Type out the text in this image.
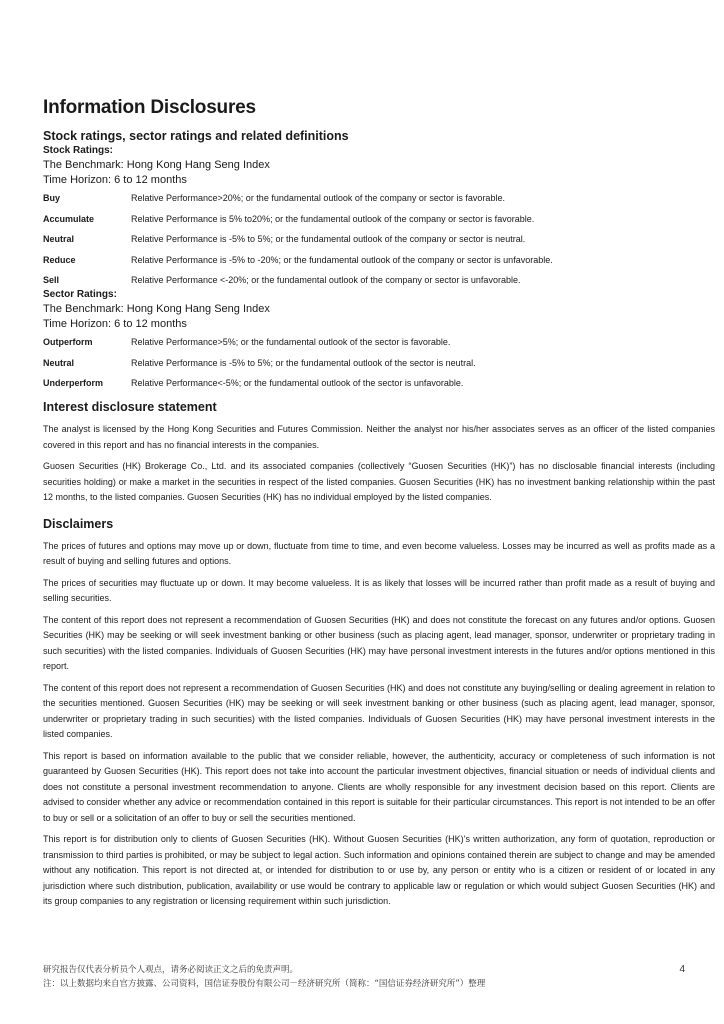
Information Disclosures
Stock ratings, sector ratings and related definitions
Stock Ratings:
The Benchmark: Hong Kong Hang Seng Index
Time Horizon: 6 to 12 months
Buy	Relative Performance>20%; or the fundamental outlook of the company or sector is favorable.
Accumulate	Relative Performance is 5% to20%; or the fundamental outlook of the company or sector is favorable.
Neutral	Relative Performance is -5% to 5%; or the fundamental outlook of the company or sector is neutral.
Reduce	Relative Performance is -5% to -20%; or the fundamental outlook of the company or sector is unfavorable.
Sell	Relative Performance <-20%; or the fundamental outlook of the company or sector is unfavorable.
Sector Ratings:
The Benchmark: Hong Kong Hang Seng Index
Time Horizon: 6 to 12 months
Outperform	Relative Performance>5%; or the fundamental outlook of the sector is favorable.
Neutral	Relative Performance is -5% to 5%; or the fundamental outlook of the sector is neutral.
Underperform	Relative Performance<-5%; or the fundamental outlook of the sector is unfavorable.
Interest disclosure statement

The analyst is licensed by the Hong Kong Securities and Futures Commission. Neither the analyst nor his/her associates serves as an officer of the listed companies covered in this report and has no financial interests in the companies.

Guosen Securities (HK) Brokerage Co., Ltd. and its associated companies (collectively “Guosen Securities (HK)”) has no disclosable financial interests (including securities holding) or make a market in the securities in respect of the listed companies. Guosen Securities (HK) has no investment banking relationship within the past 12 months, to the listed companies. Guosen Securities (HK) has no individual employed by the listed companies.

Disclaimers

The prices of futures and options may move up or down, fluctuate from time to time, and even become valueless. Losses may be incurred as well as profits made as a result of buying and selling futures and options.

The prices of securities may fluctuate up or down. It may become valueless. It is as likely that losses will be incurred rather than profit made as a result of buying and selling securities.

The content of this report does not represent a recommendation of Guosen Securities (HK) and does not constitute the forecast on any futures and/or options. Guosen Securities (HK) may be seeking or will seek investment banking or other business (such as placing agent, lead manager, sponsor, underwriter or proprietary trading in such securities) with the listed companies. Individuals of Guosen Securities (HK) may have personal investment interests in the futures and/or options mentioned in this report.

The content of this report does not represent a recommendation of Guosen Securities (HK) and does not constitute any buying/selling or dealing agreement in relation to the securities mentioned. Guosen Securities (HK) may be seeking or will seek investment banking or other business (such as placing agent, lead manager, sponsor, underwriter or proprietary trading in such securities) with the listed companies. Individuals of Guosen Securities (HK) may have personal investment interests in the listed companies.

This report is based on information available to the public that we consider reliable, however, the authenticity, accuracy or completeness of such information is not guaranteed by Guosen Securities (HK). This report does not take into account the particular investment objectives, financial situation or needs of individual clients and does not constitute a personal investment recommendation to anyone. Clients are wholly responsible for any investment decision based on this report. Clients are advised to consider whether any advice or recommendation contained in this report is suitable for their particular circumstances. This report is not intended to be an offer to buy or sell or a solicitation of an offer to buy or sell the securities mentioned.

This report is for distribution only to clients of Guosen Securities (HK). Without Guosen Securities (HK)’s written authorization, any form of quotation, reproduction or transmission to third parties is prohibited, or may be subject to legal action. Such information and opinions contained therein are subject to change and may be amended without any notification. This report is not directed at, or intended for distribution to or use by, any person or entity who is a citizen or resident of or located in any jurisdiction where such distribution, publication, availability or use would be contrary to applicable law or regulation or which would subject Guosen Securities (HK) and its group companies to any registration or licensing requirement within such jurisdiction.

研究报告仅代表分析员个人观点，请务必阅读正文之后的免责声明。
注：以上数据均来自官方披露、公司资料，国信证券股份有限公司－经济研究所（简称：“国信证券经济研究所”）整理
4
